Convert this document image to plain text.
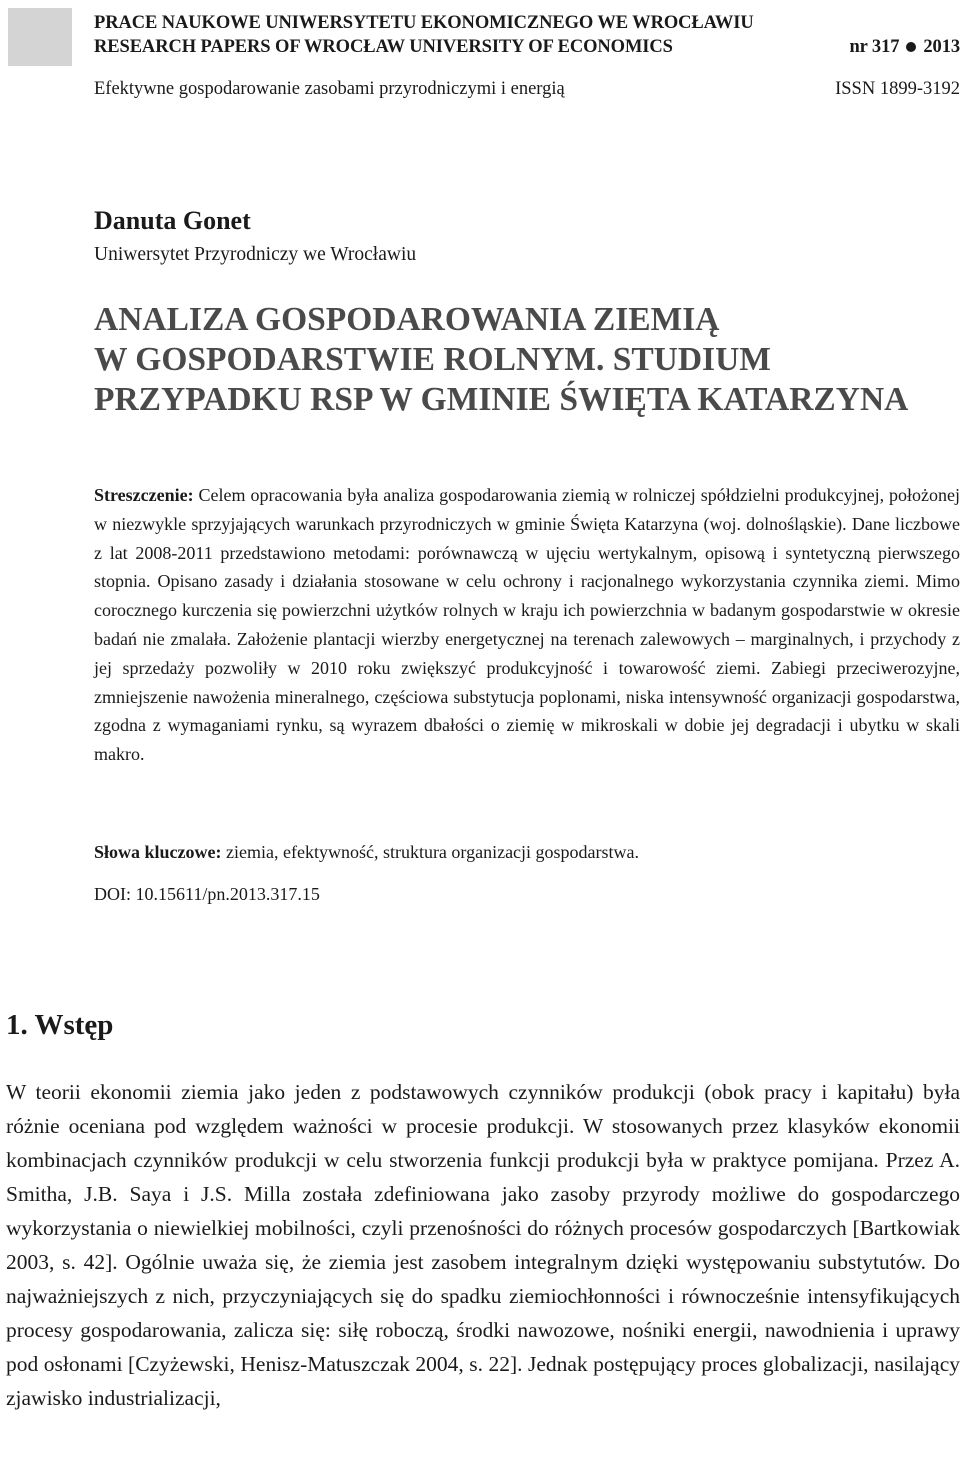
PRACE NAUKOWE UNIWERSYTETU EKONOMICZNEGO WE WROCŁAWIU
RESEARCH PAPERS OF WROCŁAW UNIVERSITY OF ECONOMICS	nr 317 2013
Efektywne gospodarowanie zasobami przyrodniczymi i energią	ISSN 1899-3192
Danuta Gonet
Uniwersytet Przyrodniczy we Wrocławiu
ANALIZA GOSPODAROWANIA ZIEMIĄ
W GOSPODARSTWIE ROLNYM. STUDIUM
PRZYPADKU RSP W GMINIE ŚWIĘTA KATARZYNA
Streszczenie: Celem opracowania była analiza gospodarowania ziemią w rolniczej spółdzielni produkcyjnej, położonej w niezwykle sprzyjających warunkach przyrodniczych w gminie Święta Katarzyna (woj. dolnośląskie). Dane liczbowe z lat 2008-2011 przedstawiono metodami: porównawczą w ujęciu wertykalnym, opisową i syntetyczną pierwszego stopnia. Opisano zasady i działania stosowane w celu ochrony i racjonalnego wykorzystania czynnika ziemi. Mimo corocznego kurczenia się powierzchni użytków rolnych w kraju ich powierzchnia w badanym gospodarstwie w okresie badań nie zmalała. Założenie plantacji wierzby energetycznej na terenach zalewowych – marginalnych, i przychody z jej sprzedaży pozwoliły w 2010 roku zwiększyć produkcyjność i towarowość ziemi. Zabiegi przeciwerozyjne, zmniejszenie nawożenia mineralnego, częściowa substytucja poplonami, niska intensywność organizacji gospodarstwa, zgodna z wymaganiami rynku, są wyrazem dbałości o ziemię w mikroskali w dobie jej degradacji i ubytku w skali makro.
Słowa kluczowe: ziemia, efektywność, struktura organizacji gospodarstwa.
DOI: 10.15611/pn.2013.317.15
1. Wstęp
W teorii ekonomii ziemia jako jeden z podstawowych czynników produkcji (obok pracy i kapitału) była różnie oceniana pod względem ważności w procesie produkcji. W stosowanych przez klasyków ekonomii kombinacjach czynników produkcji w celu stworzenia funkcji produkcji była w praktyce pomijana. Przez A. Smitha, J.B. Saya i J.S. Milla została zdefiniowana jako zasoby przyrody możliwe do gospodarczego wykorzystania o niewielkiej mobilności, czyli przenośności do różnych procesów gospodarczych [Bartkowiak 2003, s. 42]. Ogólnie uważa się, że ziemia jest zasobem integralnym dzięki występowaniu substytutów. Do najważniejszych z nich, przyczyniających się do spadku ziemiochłonności i równocześnie intensyfikujących procesy gospodarowania, zalicza się: siłę roboczą, środki nawozowe, nośniki energii, nawodnienia i uprawy pod osłonami [Czyżewski, Henisz-Matuszczak 2004, s. 22]. Jednak postępujący proces globalizacji, nasilający zjawisko industrializacji,
